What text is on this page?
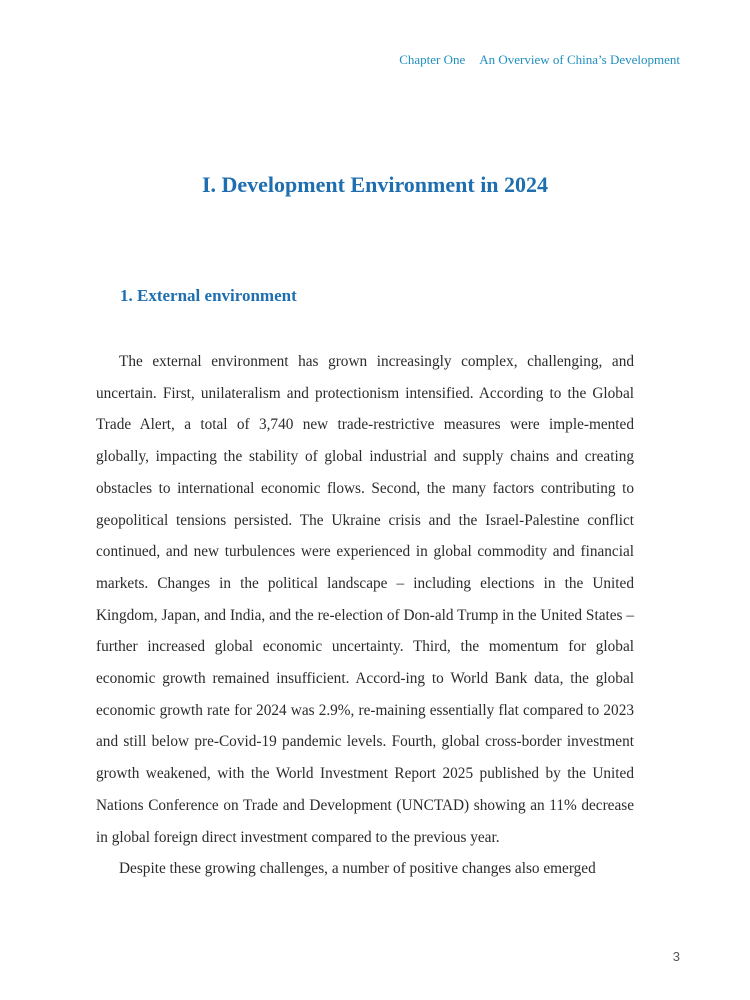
Chapter One An Overview of China’s Development
I. Development Environment in 2024
1. External environment

The external environment has grown increasingly complex, challenging, and uncertain. First, unilateralism and protectionism intensified. According to the Global Trade Alert, a total of 3,740 new trade-restrictive measures were imple-mented globally, impacting the stability of global industrial and supply chains and creating obstacles to international economic flows. Second, the many factors contributing to geopolitical tensions persisted. The Ukraine crisis and the Israel-Palestine conflict continued, and new turbulences were experienced in global commodity and financial markets. Changes in the political landscape – including elections in the United Kingdom, Japan, and India, and the re-election of Don-ald Trump in the United States – further increased global economic uncertainty. Third, the momentum for global economic growth remained insufficient. Accord-ing to World Bank data, the global economic growth rate for 2024 was 2.9%, re-maining essentially flat compared to 2023 and still below pre-Covid-19 pandemic levels. Fourth, global cross-border investment growth weakened, with the World Investment Report 2025 published by the United Nations Conference on Trade and Development (UNCTAD) showing an 11% decrease in global foreign direct investment compared to the previous year.

Despite these growing challenges, a number of positive changes also emerged

3
